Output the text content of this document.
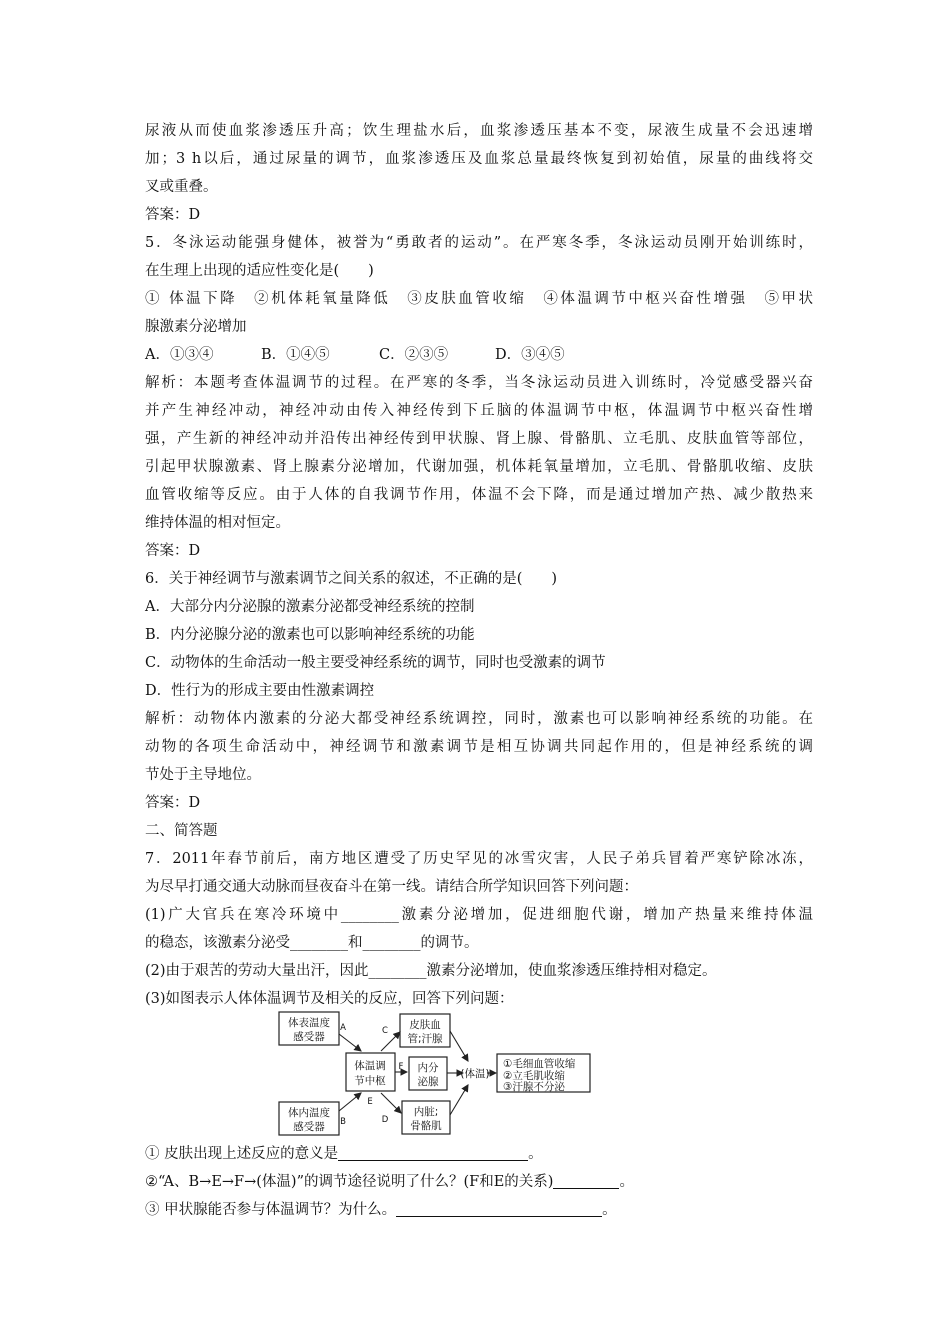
尿液从而使血浆渗透压升高；饮生理盐水后，血浆渗透压基本不变，尿液生成量不会迅速增
加；3 h以后，通过尿量的调节，血浆渗透压及血浆总量最终恢复到初始值，尿量的曲线将交
叉或重叠。
答案：D
5．冬泳运动能强身健体，被誉为“勇敢者的运动”。在严寒冬季，冬泳运动员刚开始训练时，
在生理上出现的适应性变化是(　　)
① 体温下降　②机体耗氧量降低　③皮肤血管收缩　④体温调节中枢兴奋性增强　⑤甲状
腺激素分泌增加
A．①③④	B．①④⑤	C．②③⑤	D．③④⑤
解析：本题考查体温调节的过程。在严寒的冬季，当冬泳运动员进入训练时，冷觉感受器兴奋
并产生神经冲动，神经冲动由传入神经传到下丘脑的体温调节中枢，体温调节中枢兴奋性增
强，产生新的神经冲动并沿传出神经传到甲状腺、肾上腺、骨骼肌、立毛肌、皮肤血管等部位，
引起甲状腺激素、肾上腺素分泌增加，代谢加强，机体耗氧量增加，立毛肌、骨骼肌收缩、皮肤
血管收缩等反应。由于人体的自我调节作用，体温不会下降，而是通过增加产热、减少散热来
维持体温的相对恒定。
答案：D
6．关于神经调节与激素调节之间关系的叙述，不正确的是(　　)
A．大部分内分泌腺的激素分泌都受神经系统的控制
B．内分泌腺分泌的激素也可以影响神经系统的功能
C．动物体的生命活动一般主要受神经系统的调节，同时也受激素的调节
D．性行为的形成主要由性激素调控
解析：动物体内激素的分泌大都受神经系统调控，同时，激素也可以影响神经系统的功能。在
动物的各项生命活动中，神经调节和激素调节是相互协调共同起作用的，但是神经系统的调
节处于主导地位。
答案：D
二、简答题
7．2011年春节前后，南方地区遭受了历史罕见的冰雪灾害，人民子弟兵冒着严寒铲除冰冻，
为尽早打通交通大动脉而昼夜奋斗在第一线。请结合所学知识回答下列问题：
(1)广大官兵在寒冷环境中________激素分泌增加，促进细胞代谢，增加产热量来维持体温
的稳态，该激素分泌受________和________的调节。
(2)由于艰苦的劳动大量出汗，因此________激素分泌增加，使血浆渗透压维持相对稳定。
(3)如图表示人体体温调节及相关的反应，回答下列问题：
体表温度
感受器
体内温度
感受器
体温调
节中枢
皮肤血
管;汗腺
内分
泌腺
内脏;
骨骼肌
(体温)
①毛细血管收缩
②立毛肌收缩
③汗腺不分泌
A
B
C
D
E
F
① 皮肤出现上述反应的意义是	。
②“A、B→E→F→(体温)”的调节途径说明了什么？(F和E的关系)	。
③ 甲状腺能否参与体温调节？为什么。	。
